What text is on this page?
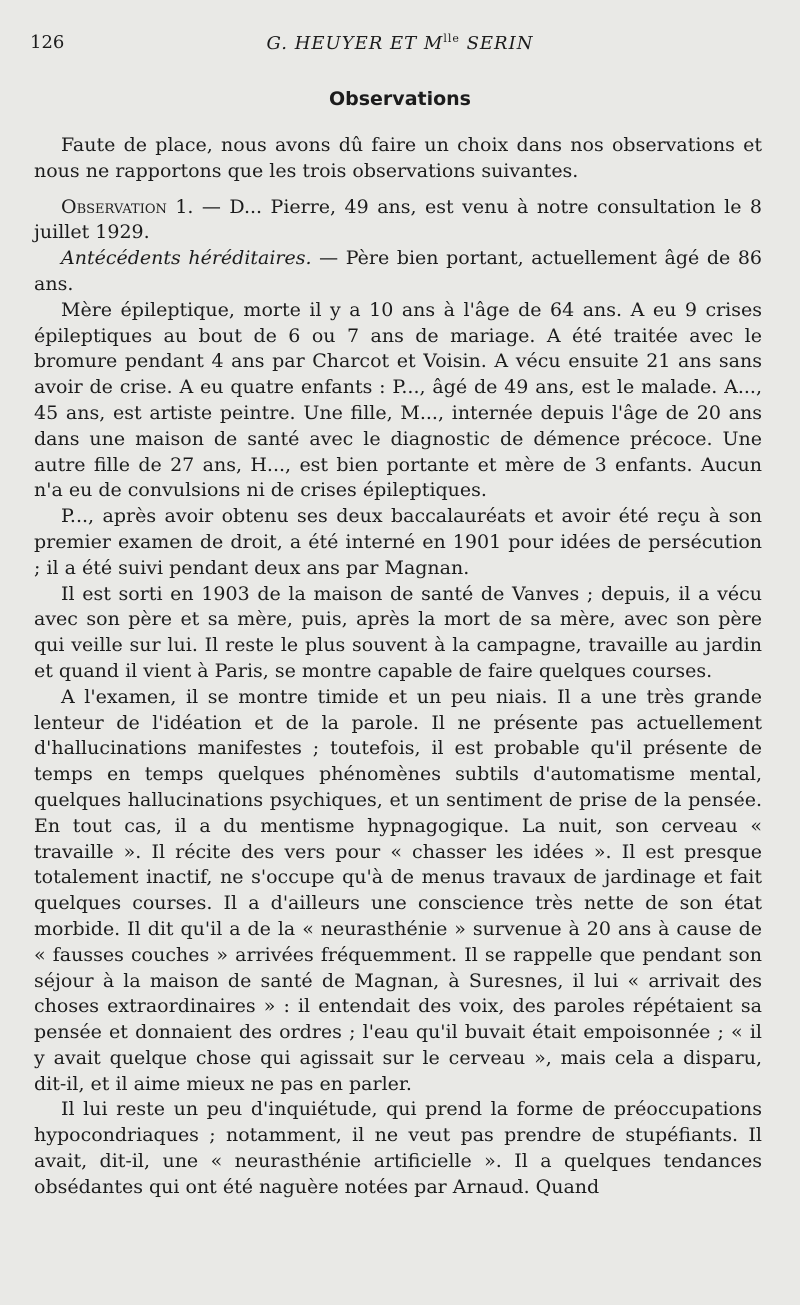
126	G. HEUYER ET $M^{lle}$ SERIN
Observations

Faute de place, nous avons dû faire un choix dans nos observations et nous ne rapportons que les trois observations suivantes.

Observation 1. — D... Pierre, 49 ans, est venu à notre consultation le 8 juillet 1929.

Antécédents héréditaires. — Père bien portant, actuellement âgé de 86 ans.

Mère épileptique, morte il y a 10 ans à l'âge de 64 ans. A eu 9 crises épileptiques au bout de 6 ou 7 ans de mariage. A été traitée avec le bromure pendant 4 ans par Charcot et Voisin. A vécu ensuite 21 ans sans avoir de crise. A eu quatre enfants : P..., âgé de 49 ans, est le malade. A..., 45 ans, est artiste peintre. Une fille, M..., internée depuis l'âge de 20 ans dans une maison de santé avec le diagnostic de démence précoce. Une autre fille de 27 ans, H..., est bien portante et mère de 3 enfants. Aucun n'a eu de convulsions ni de crises épileptiques.

P..., après avoir obtenu ses deux baccalauréats et avoir été reçu à son premier examen de droit, a été interné en 1901 pour idées de persécution ; il a été suivi pendant deux ans par Magnan.

Il est sorti en 1903 de la maison de santé de Vanves ; depuis, il a vécu avec son père et sa mère, puis, après la mort de sa mère, avec son père qui veille sur lui. Il reste le plus souvent à la campagne, travaille au jardin et quand il vient à Paris, se montre capable de faire quelques courses.

A l'examen, il se montre timide et un peu niais. Il a une très grande lenteur de l'idéation et de la parole. Il ne présente pas actuellement d'hallucinations manifestes ; toutefois, il est probable qu'il présente de temps en temps quelques phénomènes subtils d'automatisme mental, quelques hallucinations psychiques, et un sentiment de prise de la pensée. En tout cas, il a du mentisme hypnagogique. La nuit, son cerveau « travaille ». Il récite des vers pour « chasser les idées ». Il est presque totalement inactif, ne s'occupe qu'à de menus travaux de jardinage et fait quelques courses. Il a d'ailleurs une conscience très nette de son état morbide. Il dit qu'il a de la « neurasthénie » survenue à 20 ans à cause de « fausses couches » arrivées fréquemment. Il se rappelle que pendant son séjour à la maison de santé de Magnan, à Suresnes, il lui « arrivait des choses extraordinaires » : il entendait des voix, des paroles répétaient sa pensée et donnaient des ordres ; l'eau qu'il buvait était empoisonnée ; « il y avait quelque chose qui agissait sur le cerveau », mais cela a disparu, dit-il, et il aime mieux ne pas en parler.

Il lui reste un peu d'inquiétude, qui prend la forme de préoccupations hypocondriaques ; notamment, il ne veut pas prendre de stupéfiants. Il avait, dit-il, une « neurasthénie artificielle ». Il a quelques tendances obsédantes qui ont été naguère notées par Arnaud. Quand
